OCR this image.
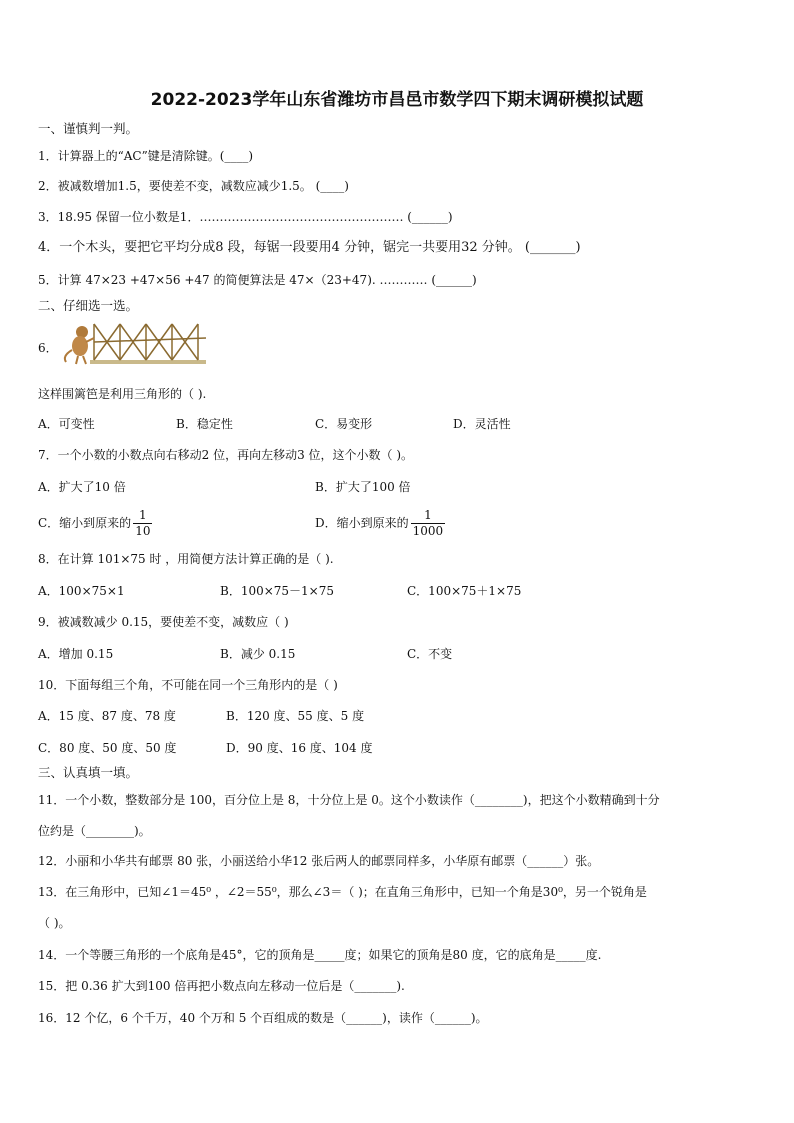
2022-2023学年山东省潍坊市昌邑市数学四下期末调研模拟试题
一、谨慎判一判。
1．计算器上的“AC”键是清除键。(____)
2．被减数增加1.5，要使差不变，减数应减少1.5。 (____)
3．18.95 保留一位小数是1．…………………………………………… (______)
4．一个木头，要把它平均分成8 段，每锯一段要用4 分钟，锯完一共要用32 分钟。 (_______)
5．计算 47×23 +47×56 +47 的简便算法是 47×（23+47). ………… (______)
二、仔细选一选。
6．
这样围篱笆是利用三角形的（ ).
A．可变性	B．稳定性	C．易变形	D．灵活性
7．一个小数的小数点向右移动2 位，再向左移动3 位，这个小数（ )。
A．扩大了10 倍	B．扩大了100 倍
C．缩小到原来的 $\frac{1}{10}$	D．缩小到原来的 $\frac{1}{1000}$
8．在计算 101×75 时 ，用简便方法计算正确的是（ ).
A．100×75×1	B．100×75－1×75	C．100×75＋1×75
9．被减数减少 0.15，要使差不变，减数应（ )
A．增加 0.15	B．减少 0.15	C．不变
10．下面每组三个角，不可能在同一个三角形内的是（ )
A．15 度、87 度、78 度	B．120 度、55 度、5 度
C．80 度、50 度、50 度	D．90 度、16 度、104 度
三、认真填一填。
11．一个小数，整数部分是 100，百分位上是 8，十分位上是 0。这个小数读作（________)，把这个小数精确到十分
位约是（________)。
12．小丽和小华共有邮票 80 张，小丽送给小华12 张后两人的邮票同样多，小华原有邮票（______）张。
13．在三角形中，已知∠1＝45⁰ ，∠2＝55⁰，那么∠3＝（ )；在直角三角形中，已知一个角是30⁰，另一个锐角是
（ )。
14．一个等腰三角形的一个底角是45°，它的顶角是_____度；如果它的顶角是80 度，它的底角是_____度.
15．把 0.36 扩大到100 倍再把小数点向左移动一位后是（_______).
16．12 个亿，6 个千万，40 个万和 5 个百组成的数是（______)，读作（______)。
